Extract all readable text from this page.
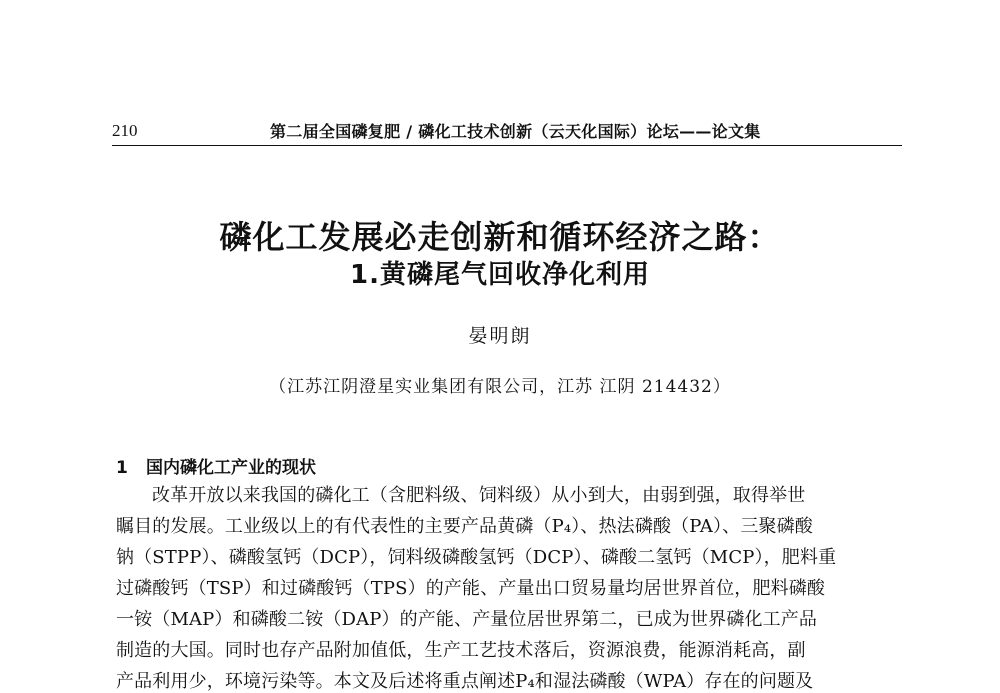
210	第二届全国磷复肥 / 磷化工技术创新（云天化国际）论坛——论文集
磷化工发展必走创新和循环经济之路：
1.黄磷尾气回收净化利用
晏明朗
（江苏江阴澄星实业集团有限公司，江苏 江阴 214432）
1 国内磷化工产业的现状
改革开放以来我国的磷化工（含肥料级、饲料级）从小到大，由弱到强，取得举世
瞩目的发展。工业级以上的有代表性的主要产品黄磷（P₄）、热法磷酸（PA）、三聚磷酸
钠（STPP）、磷酸氢钙（DCP），饲料级磷酸氢钙（DCP）、磷酸二氢钙（MCP），肥料重
过磷酸钙（TSP）和过磷酸钙（TPS）的产能、产量出口贸易量均居世界首位，肥料磷酸
一铵（MAP）和磷酸二铵（DAP）的产能、产量位居世界第二，已成为世界磷化工产品
制造的大国。同时也存产品附加值低，生产工艺技术落后，资源浪费，能源消耗高，副
产品利用少，环境污染等。本文及后述将重点阐述P₄和湿法磷酸（WPA）存在的问题及
